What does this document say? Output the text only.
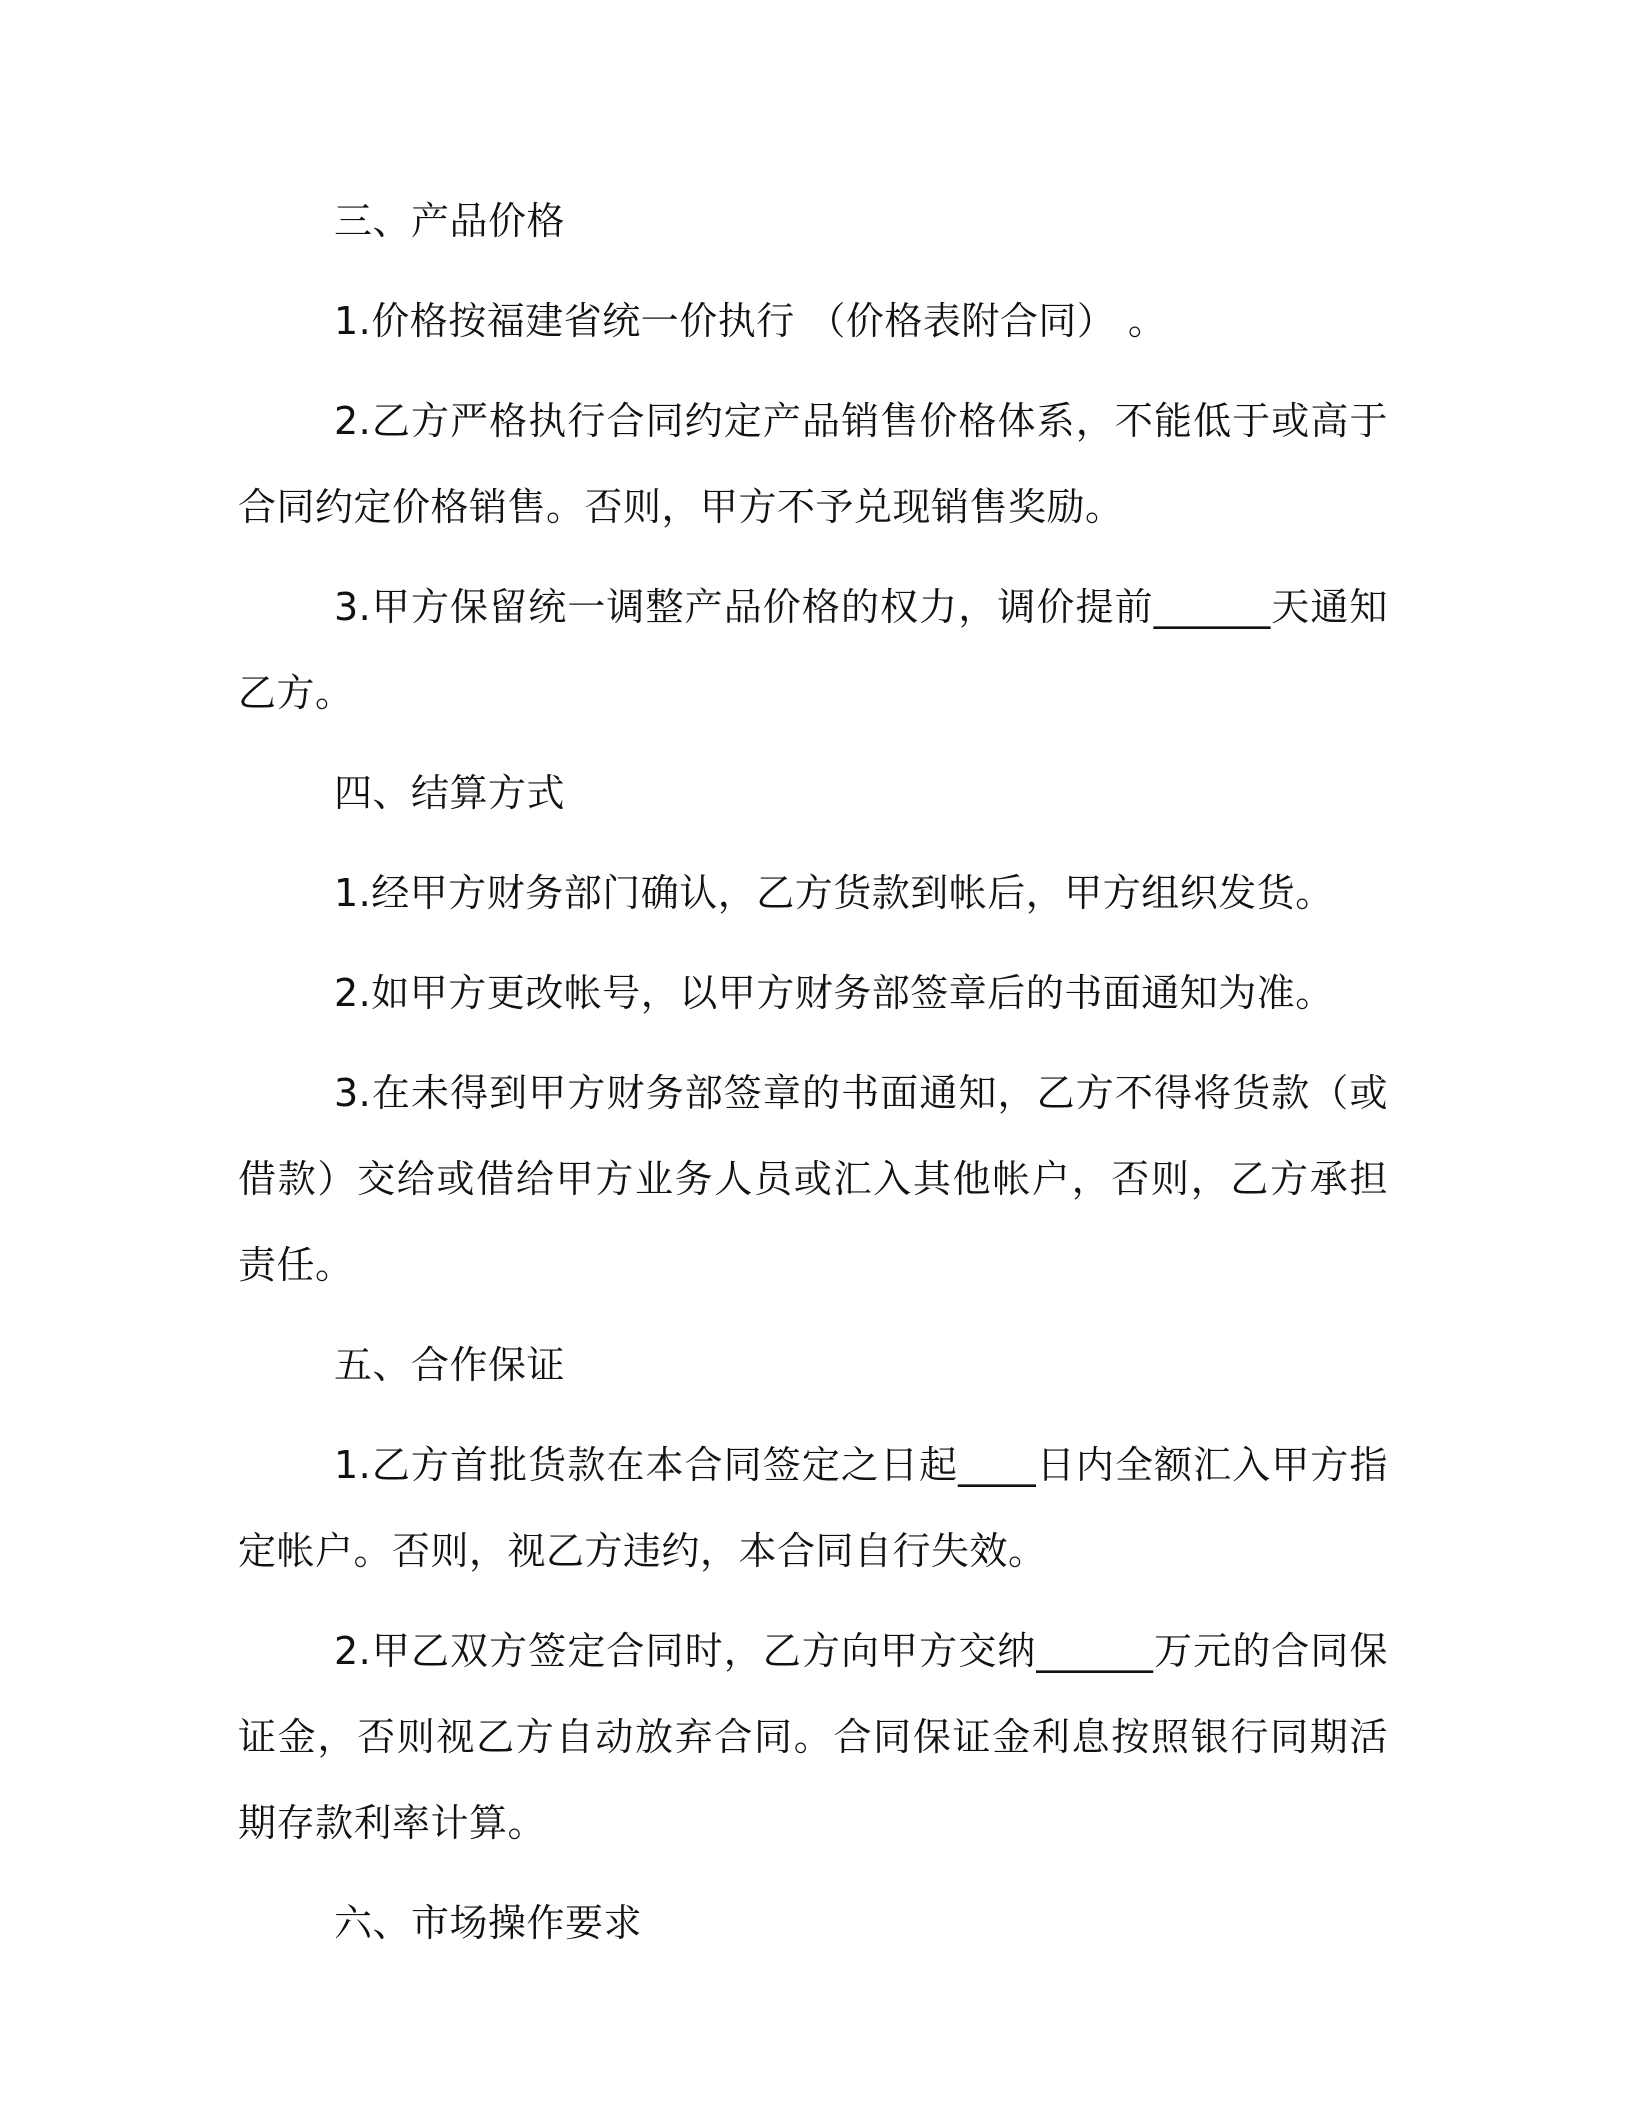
三、产品价格

1.价格按福建省统一价执行 （价格表附合同） 。

2.乙方严格执行合同约定产品销售价格体系，不能低于或高于合同约定价格销售。否则，甲方不予兑现销售奖励。

3.甲方保留统一调整产品价格的权力，调价提前______天通知乙方。

四、结算方式

1.经甲方财务部门确认，乙方货款到帐后，甲方组织发货。

2.如甲方更改帐号，以甲方财务部签章后的书面通知为准。

3.在未得到甲方财务部签章的书面通知，乙方不得将货款（或借款）交给或借给甲方业务人员或汇入其他帐户，否则，乙方承担责任。

五、合作保证

1.乙方首批货款在本合同签定之日起____日内全额汇入甲方指定帐户。否则，视乙方违约，本合同自行失效。

2.甲乙双方签定合同时，乙方向甲方交纳______万元的合同保证金，否则视乙方自动放弃合同。合同保证金利息按照银行同期活期存款利率计算。

六、市场操作要求
